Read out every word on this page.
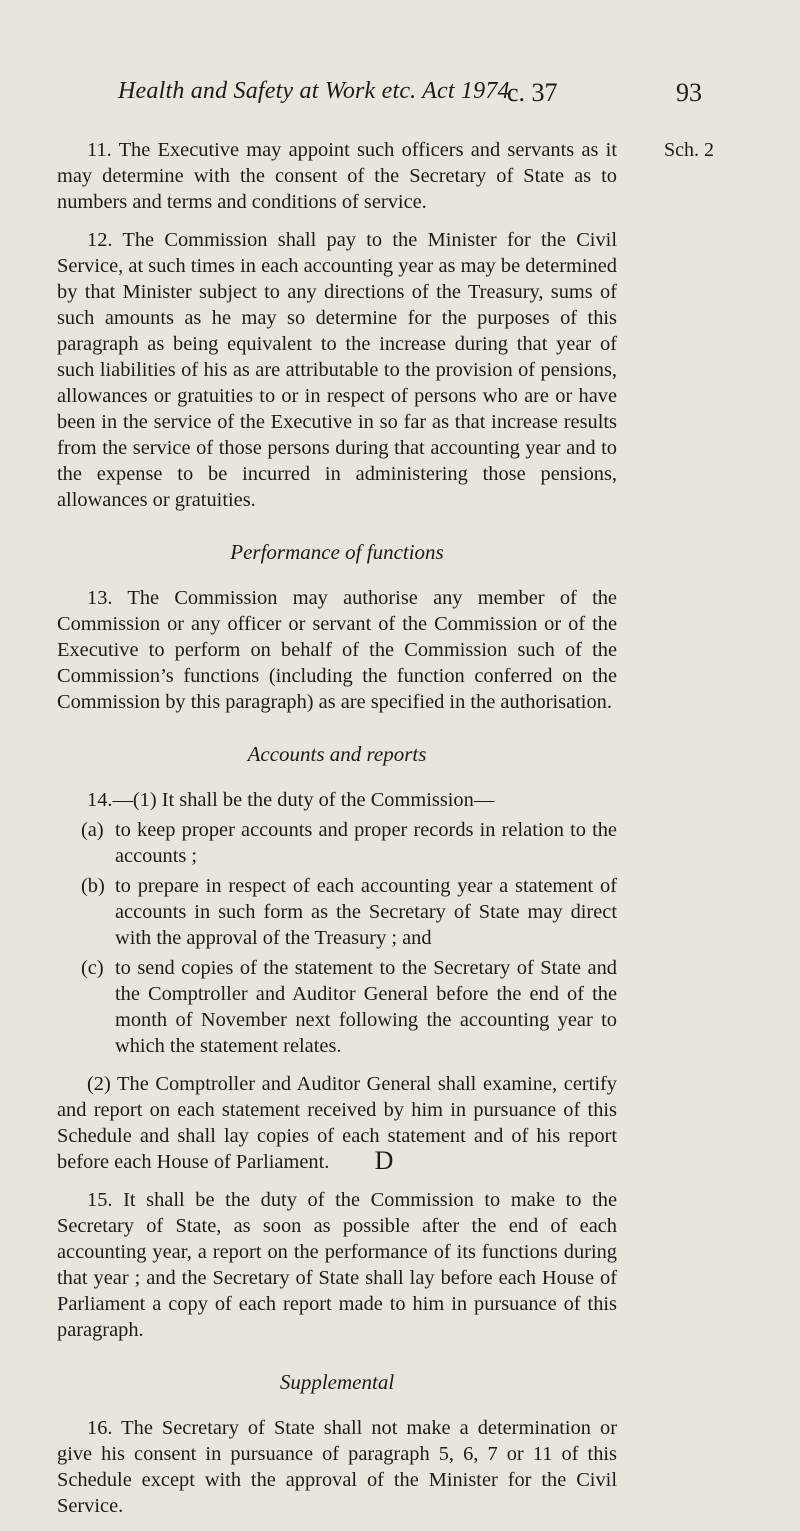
Health and Safety at Work etc. Act 1974
c. 37	93
Sch. 2

11. The Executive may appoint such officers and servants as it may determine with the consent of the Secretary of State as to numbers and terms and conditions of service.

12. The Commission shall pay to the Minister for the Civil Service, at such times in each accounting year as may be determined by that Minister subject to any directions of the Treasury, sums of such amounts as he may so determine for the purposes of this paragraph as being equivalent to the increase during that year of such liabilities of his as are attributable to the provision of pensions, allowances or gratuities to or in respect of persons who are or have been in the service of the Executive in so far as that increase results from the service of those persons during that accounting year and to the expense to be incurred in administering those pensions, allowances or gratuities.

Performance of functions

13. The Commission may authorise any member of the Commission or any officer or servant of the Commission or of the Executive to perform on behalf of the Commission such of the Commission’s functions (including the function conferred on the Commission by this paragraph) as are specified in the authorisation.

Accounts and reports

14.—(1) It shall be the duty of the Commission—

(a) to keep proper accounts and proper records in relation to the accounts ;
(b) to prepare in respect of each accounting year a statement of accounts in such form as the Secretary of State may direct with the approval of the Treasury ; and
(c) to send copies of the statement to the Secretary of State and the Comptroller and Auditor General before the end of the month of November next following the accounting year to which the statement relates.

(2) The Comptroller and Auditor General shall examine, certify and report on each statement received by him in pursuance of this Schedule and shall lay copies of each statement and of his report before each House of Parliament.

15. It shall be the duty of the Commission to make to the Secretary of State, as soon as possible after the end of each accounting year, a report on the performance of its functions during that year ; and the Secretary of State shall lay before each House of Parliament a copy of each report made to him in pursuance of this paragraph.

Supplemental

16. The Secretary of State shall not make a determination or give his consent in pursuance of paragraph 5, 6, 7 or 11 of this Schedule except with the approval of the Minister for the Civil Service.

D
